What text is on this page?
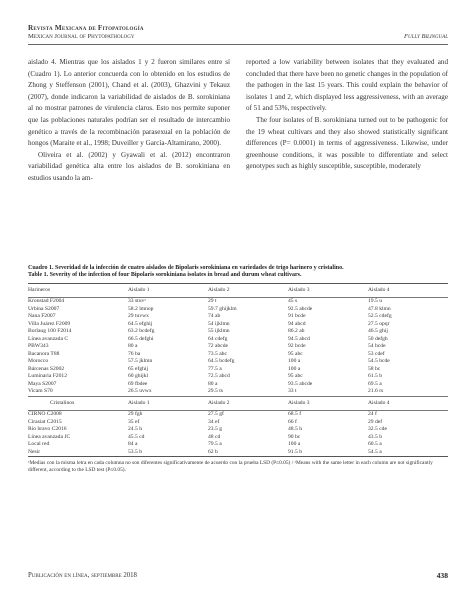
Revista Mexicana de Fitopatología
Mexican Journal of Phytopathology	Fully Bilingual

aislado 4. Mientras que los aislados 1 y 2 fueron similares entre sí (Cuadro 1). Lo anterior concuerda con lo obtenido en los estudios de Zhong y Steffenson (2001), Chand et al. (2003), Ghazvini y Tekauz (2007), donde indicaron la variabilidad de aislados de B. sorokiniana al no mostrar patrones de virulencia claros. Esto nos permite suponer que las poblaciones naturales podrían ser el resultado de intercambio genético a través de la recombinación parasexual en la población de hongos (Maraite et al., 1998; Duveiller y García-Altamirano, 2000).

Oliveira et al. (2002) y Gyawali et al. (2012) encontraron variabilidad genética alta entre los aislados de B. sorokiniana en estudios usando la am-

reported a low variability between isolates that they evaluated and concluded that there have been no genetic changes in the population of the pathogen in the last 15 years. This could explain the behavior of isolates 1 and 2, which displayed less aggressiveness, with an average of 51 and 53%, respectively.

The four isolates of B. sorokiniana turned out to be pathogenic for the 19 wheat cultivars and they also showed statistically significant differences (P= 0.0001) in terms of aggressiveness. Likewise, under greenhouse conditions, it was possible to differentiate and select genotypes such as highly susceptible, susceptible, moderately

Cuadro 1. Severidad de la infección de cuatro aislados de Bipolaris sorokiniana en variedades de trigo harinero y cristalino.
Table 1. Severity of the infection of four Bipolaris sorokiniana isolates in bread and durum wheat cultivars.
Harineros	Aislado 1	Aislado 2	Aislado 3	Aislado 4

Kronstad F2004	33 stuvᶻ	29 t	45 s	19.5 u
Urbina S2007	58.2 lmnop	59.7 ghijklm	92.5 abcde	47.8 klmn
Nana F2007	29 tuvwx	74 ab	91 bcde	52.5 cdefg
Villa Juárez F2009	64.5 efghij	54 ijklmn	94 abcd	27.5 opqr
Borlaug 100 F2014	63.2 bcdefg	55 ijklmn	86.2 ab	46.5 ghij
Línea avanzada C	66.5 defghi	64 cdefg	94.5 abcd	50 defgh
PBW343	80 a	72 abcde	92 bcde	54 bcde
Bacanora T88	76 ba	73.5 abc	95 abc	53 cdef
Morocco	57.5 jklmn	64.5 bcdefg	100 a	54.5 bcde
Bárcenas S2002	65 efghij	77.5 a	100 a	58 bc
Luminaria F2012	60 ghijkl	72.5 abcd	95 abc	61.5 b
Maya S2007	69 fbdee	80 a	93.5 abcde	69.5 a
Vicam S70	26.5 uvwx	29.5 ts	33 t	21.6 rs

Cristalinos	Aislado 1	Aislado 2	Aislado 3	Aislado 4

CIRNO C2008	29 fgh	27.5 gf	68.5 f	24 f
Cirasiat C2015	35 ef	34 ef	66 f	29 def
Río bravo C2016	24.5 h	23.5 g	48.5 h	32.5 cde
Línea avanzada JC	45.5 cd	48 cd	90 bc	43.5 b
Local red	84 a	79.5 a	100 a	60.5 a
Nesir	53.5 b	62 b	91.5 b	54.5 a
ᶻMedias con la misma letra en cada columna no son diferentes significativamente de acuerdo con la prueba LSD (P≤0.05) / ᶻMeans with the same letter in each column are not significantly different, according to the LSD test (P≤0.05).
Publicación en línea, septiembre 2018	438
